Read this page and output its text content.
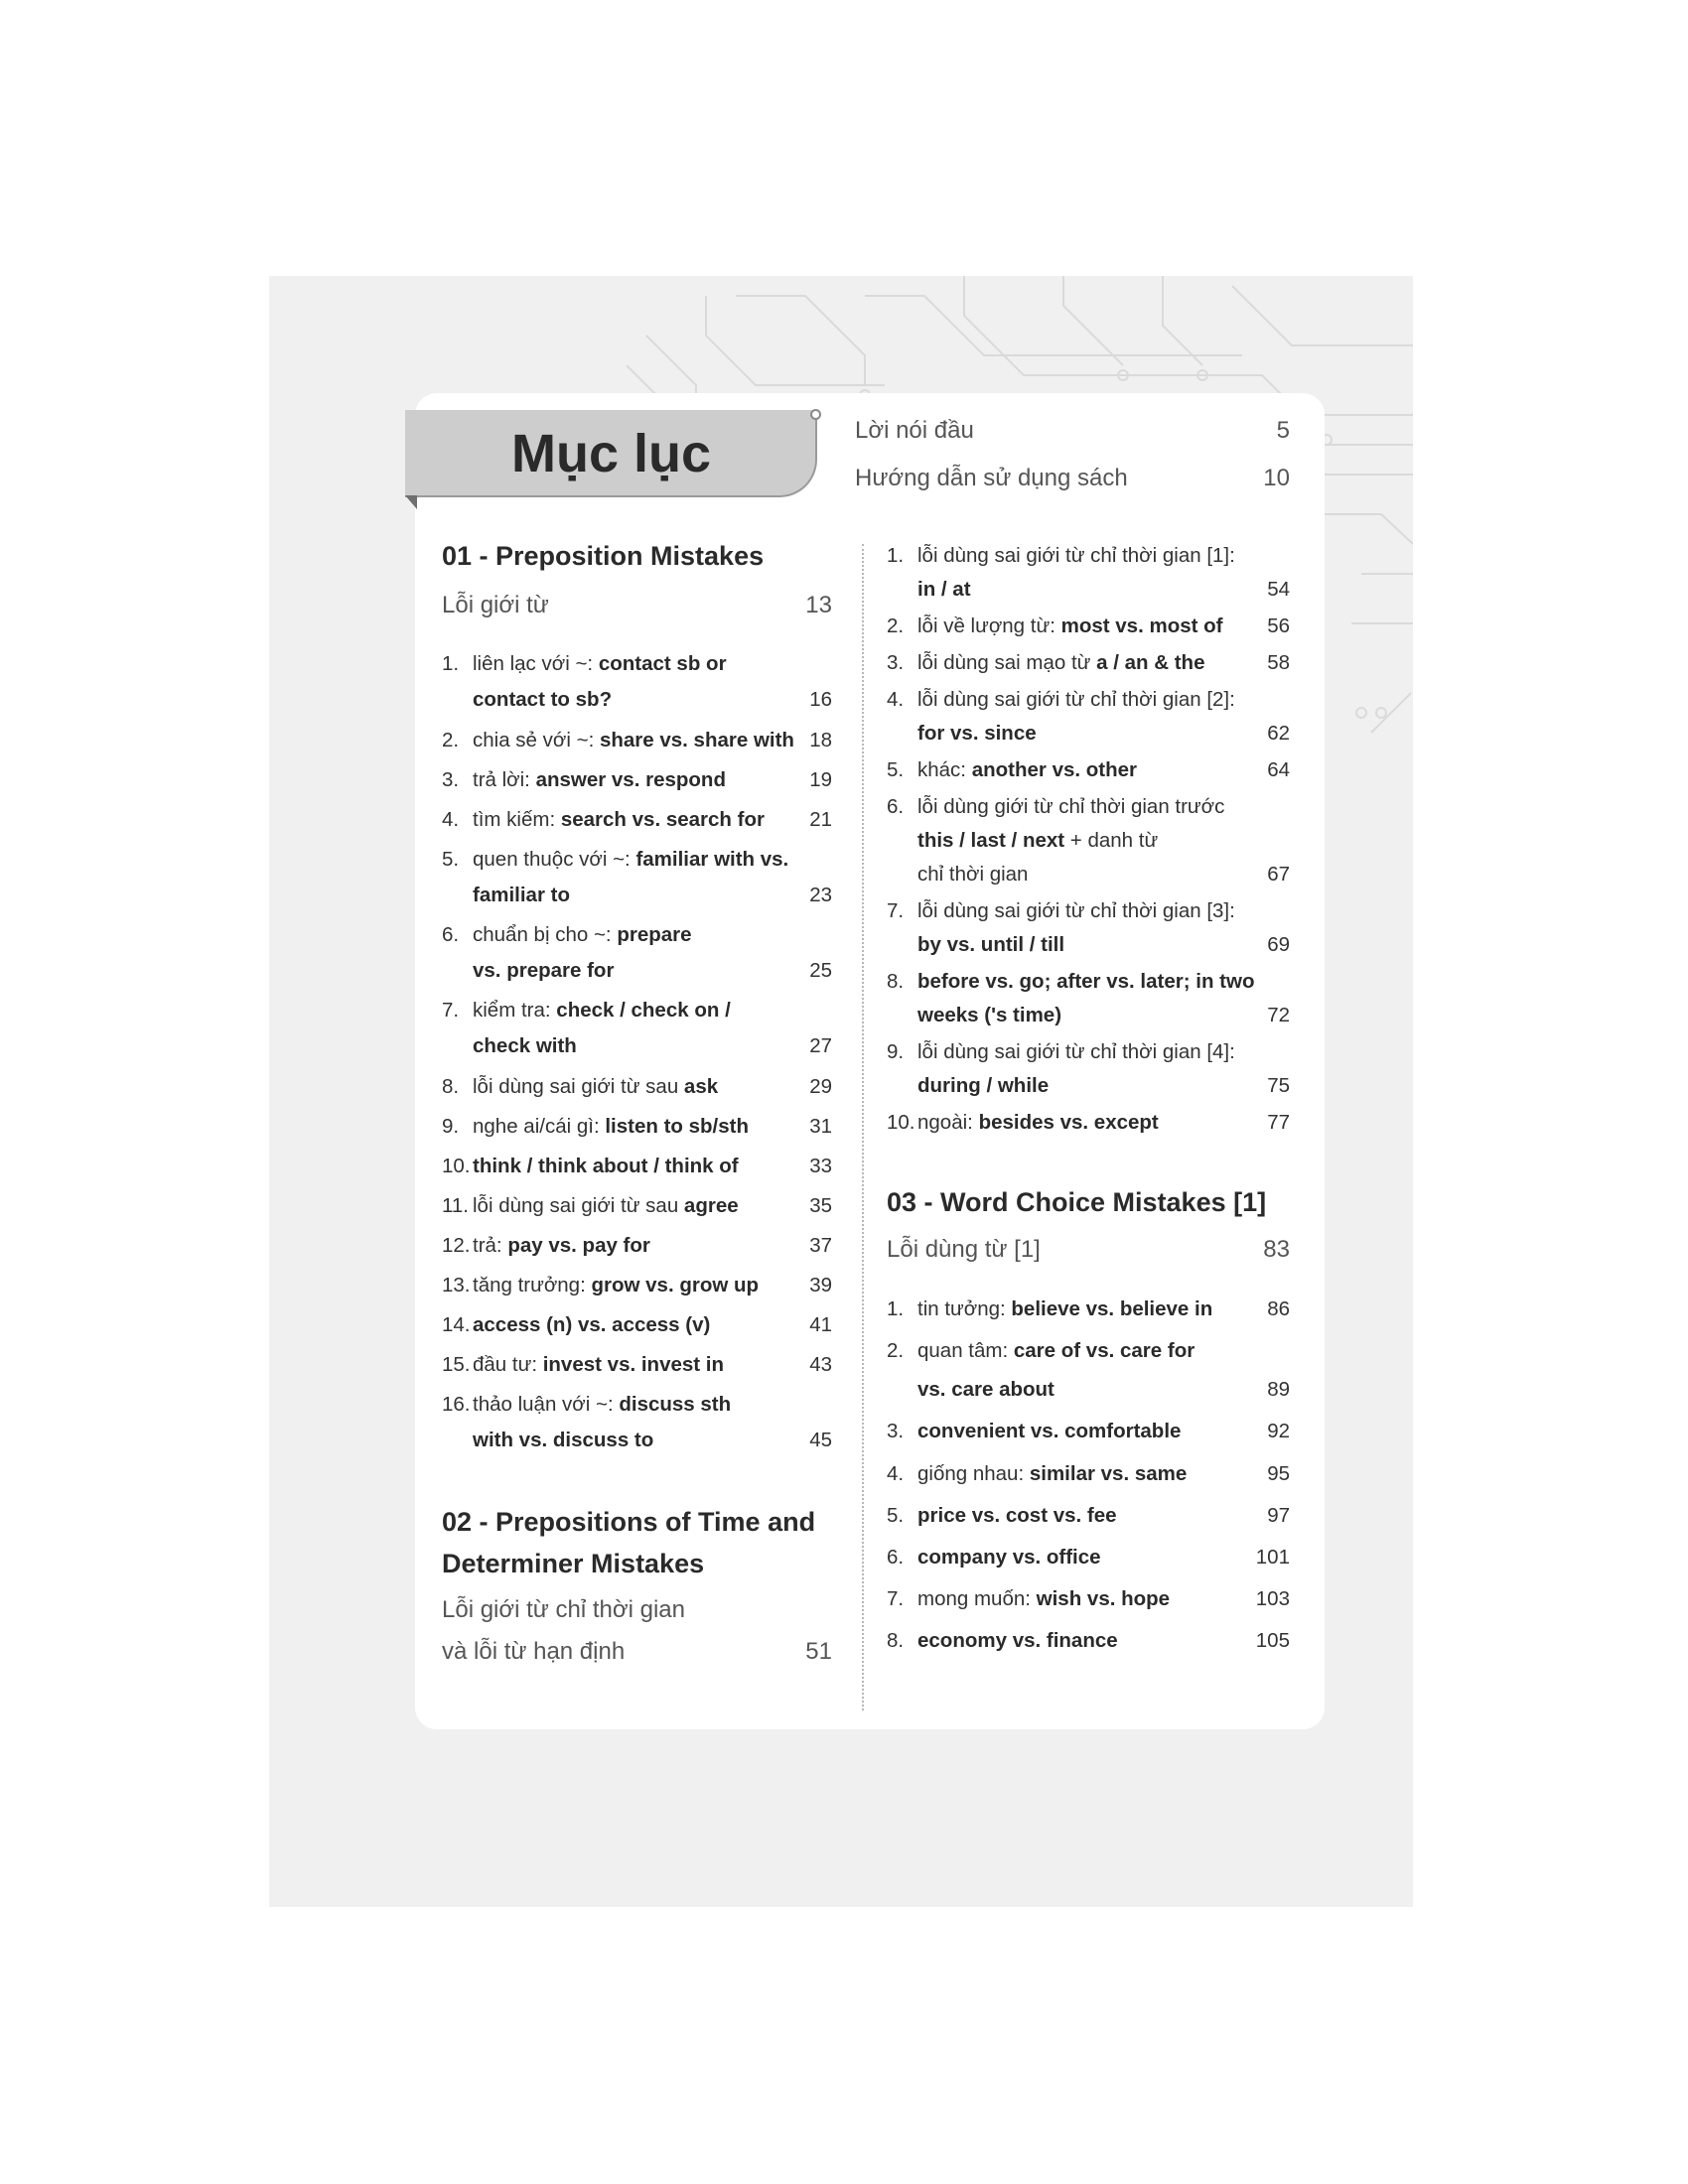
Mục lục	Lời nói đầu	5
Hướng dẫn sử dụng sách	10
01 - Preposition Mistakes
Lỗi giới từ	13
1. liên lạc với ~: contact sb or
contact to sb?	16
2. chia sẻ với ~: share vs. share with 18
3. trả lời: answer vs. respond	19
4. tìm kiếm: search vs. search for	21
5. quen thuộc với ~: familiar with vs.
familiar to	23
6. chuẩn bị cho ~: prepare
vs. prepare for	25
7. kiểm tra: check / check on /
check with	27
8. lỗi dùng sai giới từ sau ask	29
9. nghe ai/cái gì: listen to sb/sth	31
10. think / think about / think of	33
11. lỗi dùng sai giới từ sau agree	35
12. trả: pay vs. pay for	37
13. tăng trưởng: grow vs. grow up	39
14. access (n) vs. access (v)	41
15. đầu tư: invest vs. invest in	43
16. thảo luận với ~: discuss sth
with vs. discuss to	45
02 - Prepositions of Time and
Determiner Mistakes
Lỗi giới từ chỉ thời gian
và lỗi từ hạn định	51
1. lỗi dùng sai giới từ chỉ thời gian [1]:
in / at	54
2. lỗi về lượng từ: most vs. most of	56
3. lỗi dùng sai mạo từ a / an & the	58
4. lỗi dùng sai giới từ chỉ thời gian [2]:
for vs. since	62
5. khác: another vs. other	64
6. lỗi dùng giới từ chỉ thời gian trước
this / last / next + danh từ
chỉ thời gian	67
7. lỗi dùng sai giới từ chỉ thời gian [3]:
by vs. until / till	69
8. before vs. go; after vs. later; in two
weeks ('s time)	72
9. lỗi dùng sai giới từ chỉ thời gian [4]:
during / while	75
10. ngoài: besides vs. except	77
03 - Word Choice Mistakes [1]
Lỗi dùng từ [1]	83
1. tin tưởng: believe vs. believe in	86
2. quan tâm: care of vs. care for
vs. care about	89
3. convenient vs. comfortable	92
4. giống nhau: similar vs. same	95
5. price vs. cost vs. fee	97
6. company vs. office	101
7. mong muốn: wish vs. hope	103
8. economy vs. finance	105
